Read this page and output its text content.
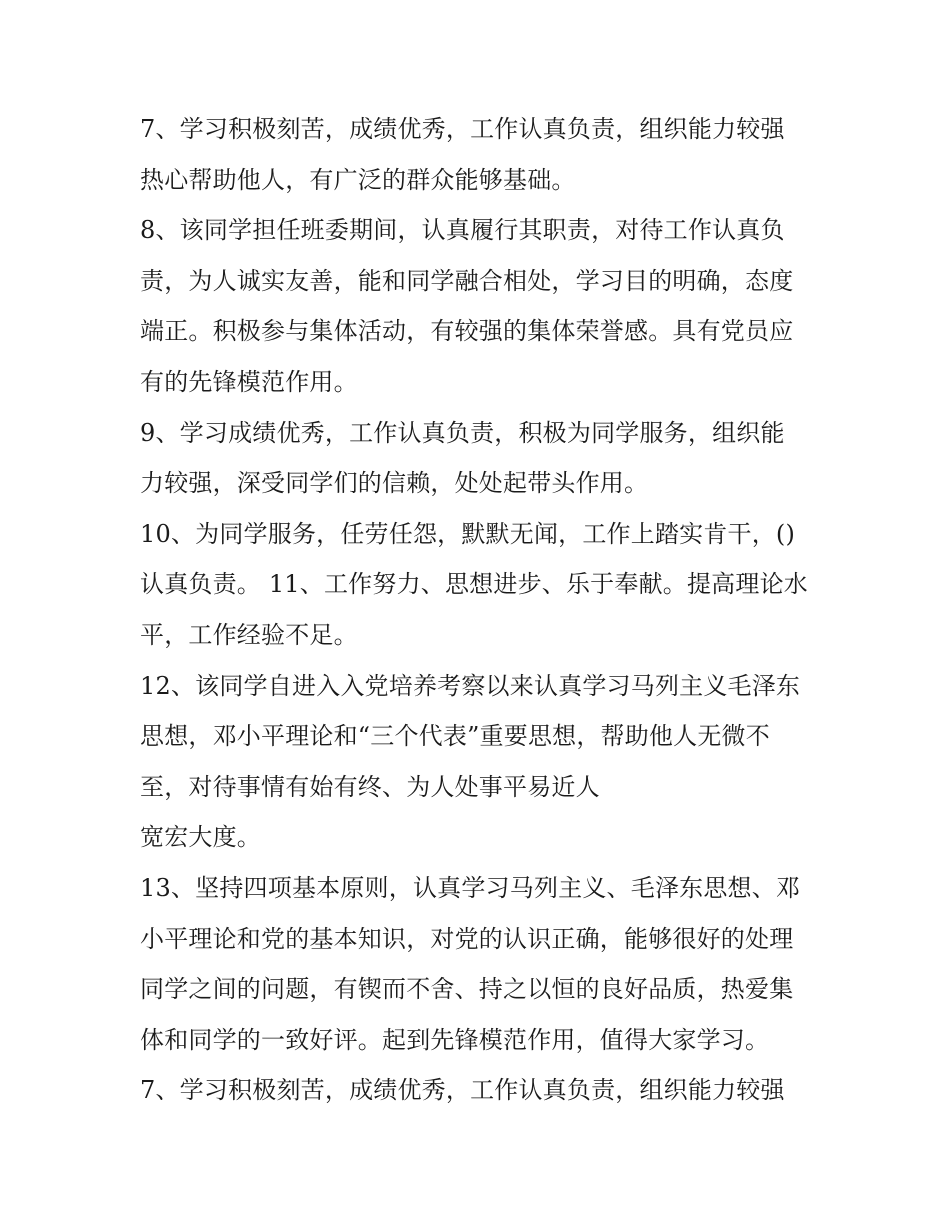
7、学习积极刻苦，成绩优秀，工作认真负责，组织能力较强
热心帮助他人，有广泛的群众能够基础。
8、该同学担任班委期间，认真履行其职责，对待工作认真负
责，为人诚实友善，能和同学融合相处，学习目的明确，态度
端正。积极参与集体活动，有较强的集体荣誉感。具有党员应
有的先锋模范作用。
9、学习成绩优秀，工作认真负责，积极为同学服务，组织能
力较强，深受同学们的信赖，处处起带头作用。
10、为同学服务，任劳任怨，默默无闻，工作上踏实肯干，()
认真负责。 11、工作努力、思想进步、乐于奉献。提高理论水
平，工作经验不足。
12、该同学自进入入党培养考察以来认真学习马列主义毛泽东
思想，邓小平理论和“三个代表”重要思想，帮助他人无微不
至，对待事情有始有终、为人处事平易近人
宽宏大度。
13、坚持四项基本原则，认真学习马列主义、毛泽东思想、邓
小平理论和党的基本知识，对党的认识正确，能够很好的处理
同学之间的问题，有锲而不舍、持之以恒的良好品质，热爱集
体和同学的一致好评。起到先锋模范作用，值得大家学习。
7、学习积极刻苦，成绩优秀，工作认真负责，组织能力较强
